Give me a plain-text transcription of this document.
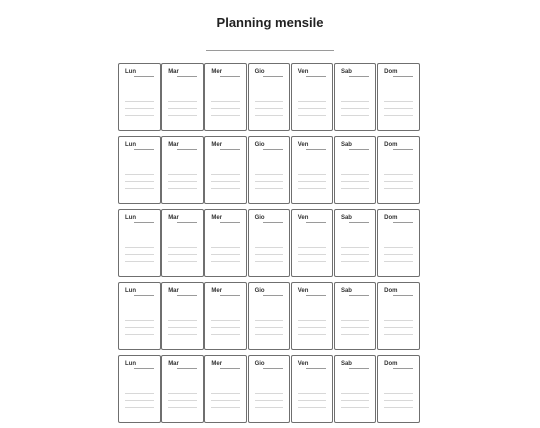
Planning mensile
Lun	Mar	Mer	Gio	Ven	Sab	Dom
Lun	Mar	Mer	Gio	Ven	Sab	Dom
Lun	Mar	Mer	Gio	Ven	Sab	Dom
Lun	Mar	Mer	Gio	Ven	Sab	Dom
Lun	Mar	Mer	Gio	Ven	Sab	Dom
